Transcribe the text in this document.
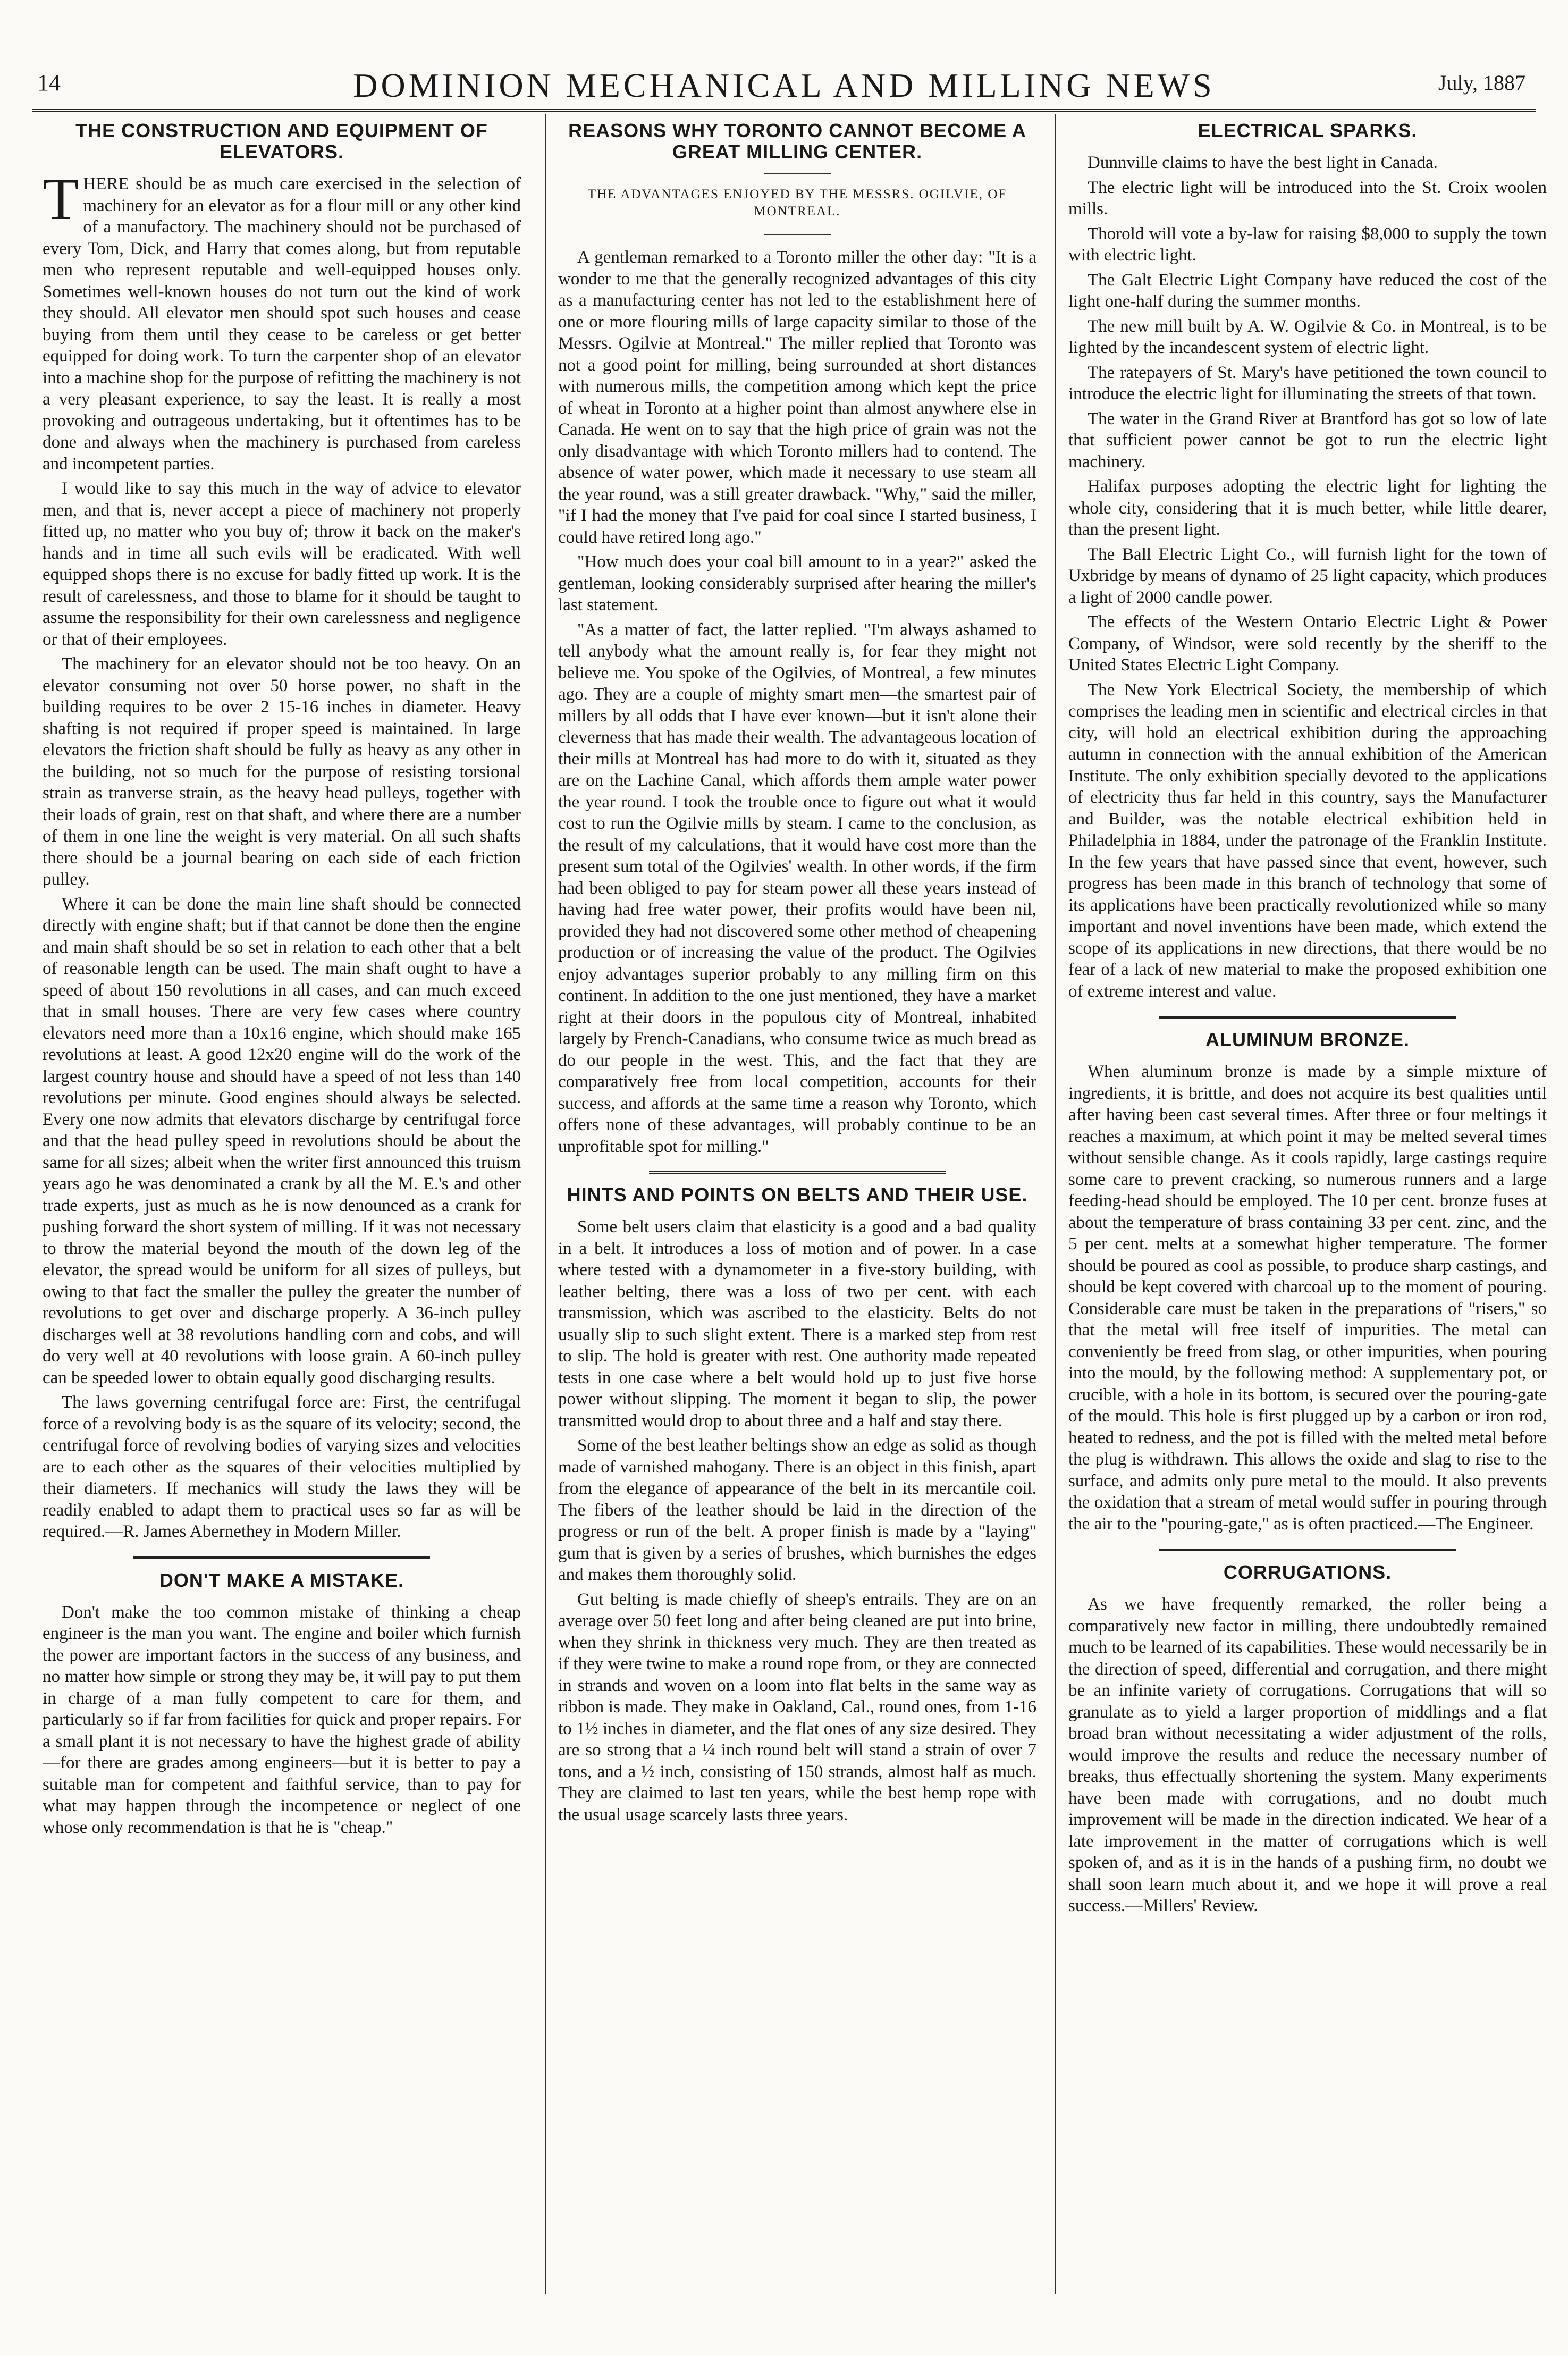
14	DOMINION MECHANICAL AND MILLING NEWS	July, 1887
THE CONSTRUCTION AND EQUIPMENT OF ELEVATORS.

THERE should be as much care exercised in the selection of machinery for an elevator as for a flour mill or any other kind of a manufactory. The machinery should not be purchased of every Tom, Dick, and Harry that comes along, but from reputable men who represent reputable and well-equipped houses only. Sometimes well-known houses do not turn out the kind of work they should. All elevator men should spot such houses and cease buying from them until they cease to be careless or get better equipped for doing work. To turn the carpenter shop of an elevator into a machine shop for the purpose of refitting the machinery is not a very pleasant experience, to say the least. It is really a most provoking and outrageous undertaking, but it oftentimes has to be done and always when the machinery is purchased from careless and incompetent parties.

I would like to say this much in the way of advice to elevator men, and that is, never accept a piece of machinery not properly fitted up, no matter who you buy of; throw it back on the maker's hands and in time all such evils will be eradicated. With well equipped shops there is no excuse for badly fitted up work. It is the result of carelessness, and those to blame for it should be taught to assume the responsibility for their own carelessness and negligence or that of their employees.

The machinery for an elevator should not be too heavy. On an elevator consuming not over 50 horse power, no shaft in the building requires to be over 2 15-16 inches in diameter. Heavy shafting is not required if proper speed is maintained. In large elevators the friction shaft should be fully as heavy as any other in the building, not so much for the purpose of resisting torsional strain as tranverse strain, as the heavy head pulleys, together with their loads of grain, rest on that shaft, and where there are a number of them in one line the weight is very material. On all such shafts there should be a journal bearing on each side of each friction pulley.

Where it can be done the main line shaft should be connected directly with engine shaft; but if that cannot be done then the engine and main shaft should be so set in relation to each other that a belt of reasonable length can be used. The main shaft ought to have a speed of about 150 revolutions in all cases, and can much exceed that in small houses. There are very few cases where country elevators need more than a 10x16 engine, which should make 165 revolutions at least. A good 12x20 engine will do the work of the largest country house and should have a speed of not less than 140 revolutions per minute. Good engines should always be selected. Every one now admits that elevators discharge by centrifugal force and that the head pulley speed in revolutions should be about the same for all sizes; albeit when the writer first announced this truism years ago he was denominated a crank by all the M. E.'s and other trade experts, just as much as he is now denounced as a crank for pushing forward the short system of milling. If it was not necessary to throw the material beyond the mouth of the down leg of the elevator, the spread would be uniform for all sizes of pulleys, but owing to that fact the smaller the pulley the greater the number of revolutions to get over and discharge properly. A 36-inch pulley discharges well at 38 revolutions handling corn and cobs, and will do very well at 40 revolutions with loose grain. A 60-inch pulley can be speeded lower to obtain equally good discharging results.

The laws governing centrifugal force are: First, the centrifugal force of a revolving body is as the square of its velocity; second, the centrifugal force of revolving bodies of varying sizes and velocities are to each other as the squares of their velocities multiplied by their diameters. If mechanics will study the laws they will be readily enabled to adapt them to practical uses so far as will be required.—R. James Abernethey in Modern Miller.

DON'T MAKE A MISTAKE.

Don't make the too common mistake of thinking a cheap engineer is the man you want. The engine and boiler which furnish the power are important factors in the success of any business, and no matter how simple or strong they may be, it will pay to put them in charge of a man fully competent to care for them, and particularly so if far from facilities for quick and proper repairs. For a small plant it is not necessary to have the highest grade of ability—for there are grades among engineers—but it is better to pay a suitable man for competent and faithful service, than to pay for what may happen through the incompetence or neglect of one whose only recommendation is that he is "cheap."

REASONS WHY TORONTO CANNOT BECOME A GREAT MILLING CENTER.
THE ADVANTAGES ENJOYED BY THE MESSRS. OGILVIE, OF MONTREAL.

A gentleman remarked to a Toronto miller the other day: "It is a wonder to me that the generally recognized advantages of this city as a manufacturing center has not led to the establishment here of one or more flouring mills of large capacity similar to those of the Messrs. Ogilvie at Montreal." The miller replied that Toronto was not a good point for milling, being surrounded at short distances with numerous mills, the competition among which kept the price of wheat in Toronto at a higher point than almost anywhere else in Canada. He went on to say that the high price of grain was not the only disadvantage with which Toronto millers had to contend. The absence of water power, which made it necessary to use steam all the year round, was a still greater drawback. "Why," said the miller, "if I had the money that I've paid for coal since I started business, I could have retired long ago."

"How much does your coal bill amount to in a year?" asked the gentleman, looking considerably surprised after hearing the miller's last statement.

"As a matter of fact, the latter replied. "I'm always ashamed to tell anybody what the amount really is, for fear they might not believe me. You spoke of the Ogilvies, of Montreal, a few minutes ago. They are a couple of mighty smart men—the smartest pair of millers by all odds that I have ever known—but it isn't alone their cleverness that has made their wealth. The advantageous location of their mills at Montreal has had more to do with it, situated as they are on the Lachine Canal, which affords them ample water power the year round. I took the trouble once to figure out what it would cost to run the Ogilvie mills by steam. I came to the conclusion, as the result of my calculations, that it would have cost more than the present sum total of the Ogilvies' wealth. In other words, if the firm had been obliged to pay for steam power all these years instead of having had free water power, their profits would have been nil, provided they had not discovered some other method of cheapening production or of increasing the value of the product. The Ogilvies enjoy advantages superior probably to any milling firm on this continent. In addition to the one just mentioned, they have a market right at their doors in the populous city of Montreal, inhabited largely by French-Canadians, who consume twice as much bread as do our people in the west. This, and the fact that they are comparatively free from local competition, accounts for their success, and affords at the same time a reason why Toronto, which offers none of these advantages, will probably continue to be an unprofitable spot for milling."

HINTS AND POINTS ON BELTS AND THEIR USE.

Some belt users claim that elasticity is a good and a bad quality in a belt. It introduces a loss of motion and of power. In a case where tested with a dynamometer in a five-story building, with leather belting, there was a loss of two per cent. with each transmission, which was ascribed to the elasticity. Belts do not usually slip to such slight extent. There is a marked step from rest to slip. The hold is greater with rest. One authority made repeated tests in one case where a belt would hold up to just five horse power without slipping. The moment it began to slip, the power transmitted would drop to about three and a half and stay there.

Some of the best leather beltings show an edge as solid as though made of varnished mahogany. There is an object in this finish, apart from the elegance of appearance of the belt in its mercantile coil. The fibers of the leather should be laid in the direction of the progress or run of the belt. A proper finish is made by a "laying" gum that is given by a series of brushes, which burnishes the edges and makes them thoroughly solid.

Gut belting is made chiefly of sheep's entrails. They are on an average over 50 feet long and after being cleaned are put into brine, when they shrink in thickness very much. They are then treated as if they were twine to make a round rope from, or they are connected in strands and woven on a loom into flat belts in the same way as ribbon is made. They make in Oakland, Cal., round ones, from 1-16 to 1½ inches in diameter, and the flat ones of any size desired. They are so strong that a ¼ inch round belt will stand a strain of over 7 tons, and a ½ inch, consisting of 150 strands, almost half as much. They are claimed to last ten years, while the best hemp rope with the usual usage scarcely lasts three years.

ELECTRICAL SPARKS.

Dunnville claims to have the best light in Canada.

The electric light will be introduced into the St. Croix woolen mills.

Thorold will vote a by-law for raising $8,000 to supply the town with electric light.

The Galt Electric Light Company have reduced the cost of the light one-half during the summer months.

The new mill built by A. W. Ogilvie & Co. in Montreal, is to be lighted by the incandescent system of electric light.

The ratepayers of St. Mary's have petitioned the town council to introduce the electric light for illuminating the streets of that town.

The water in the Grand River at Brantford has got so low of late that sufficient power cannot be got to run the electric light machinery.

Halifax purposes adopting the electric light for lighting the whole city, considering that it is much better, while little dearer, than the present light.

The Ball Electric Light Co., will furnish light for the town of Uxbridge by means of dynamo of 25 light capacity, which produces a light of 2000 candle power.

The effects of the Western Ontario Electric Light & Power Company, of Windsor, were sold recently by the sheriff to the United States Electric Light Company.

The New York Electrical Society, the membership of which comprises the leading men in scientific and electrical circles in that city, will hold an electrical exhibition during the approaching autumn in connection with the annual exhibition of the American Institute. The only exhibition specially devoted to the applications of electricity thus far held in this country, says the Manufacturer and Builder, was the notable electrical exhibition held in Philadelphia in 1884, under the patronage of the Franklin Institute. In the few years that have passed since that event, however, such progress has been made in this branch of technology that some of its applications have been practically revolutionized while so many important and novel inventions have been made, which extend the scope of its applications in new directions, that there would be no fear of a lack of new material to make the proposed exhibition one of extreme interest and value.

ALUMINUM BRONZE.

When aluminum bronze is made by a simple mixture of ingredients, it is brittle, and does not acquire its best qualities until after having been cast several times. After three or four meltings it reaches a maximum, at which point it may be melted several times without sensible change. As it cools rapidly, large castings require some care to prevent cracking, so numerous runners and a large feeding-head should be employed. The 10 per cent. bronze fuses at about the temperature of brass containing 33 per cent. zinc, and the 5 per cent. melts at a somewhat higher temperature. The former should be poured as cool as possible, to produce sharp castings, and should be kept covered with charcoal up to the moment of pouring. Considerable care must be taken in the preparations of "risers," so that the metal will free itself of impurities. The metal can conveniently be freed from slag, or other impurities, when pouring into the mould, by the following method: A supplementary pot, or crucible, with a hole in its bottom, is secured over the pouring-gate of the mould. This hole is first plugged up by a carbon or iron rod, heated to redness, and the pot is filled with the melted metal before the plug is withdrawn. This allows the oxide and slag to rise to the surface, and admits only pure metal to the mould. It also prevents the oxidation that a stream of metal would suffer in pouring through the air to the "pouring-gate," as is often practiced.—The Engineer.

CORRUGATIONS.

As we have frequently remarked, the roller being a comparatively new factor in milling, there undoubtedly remained much to be learned of its capabilities. These would necessarily be in the direction of speed, differential and corrugation, and there might be an infinite variety of corrugations. Corrugations that will so granulate as to yield a larger proportion of middlings and a flat broad bran without necessitating a wider adjustment of the rolls, would improve the results and reduce the necessary number of breaks, thus effectually shortening the system. Many experiments have been made with corrugations, and no doubt much improvement will be made in the direction indicated. We hear of a late improvement in the matter of corrugations which is well spoken of, and as it is in the hands of a pushing firm, no doubt we shall soon learn much about it, and we hope it will prove a real success.—Millers' Review.
